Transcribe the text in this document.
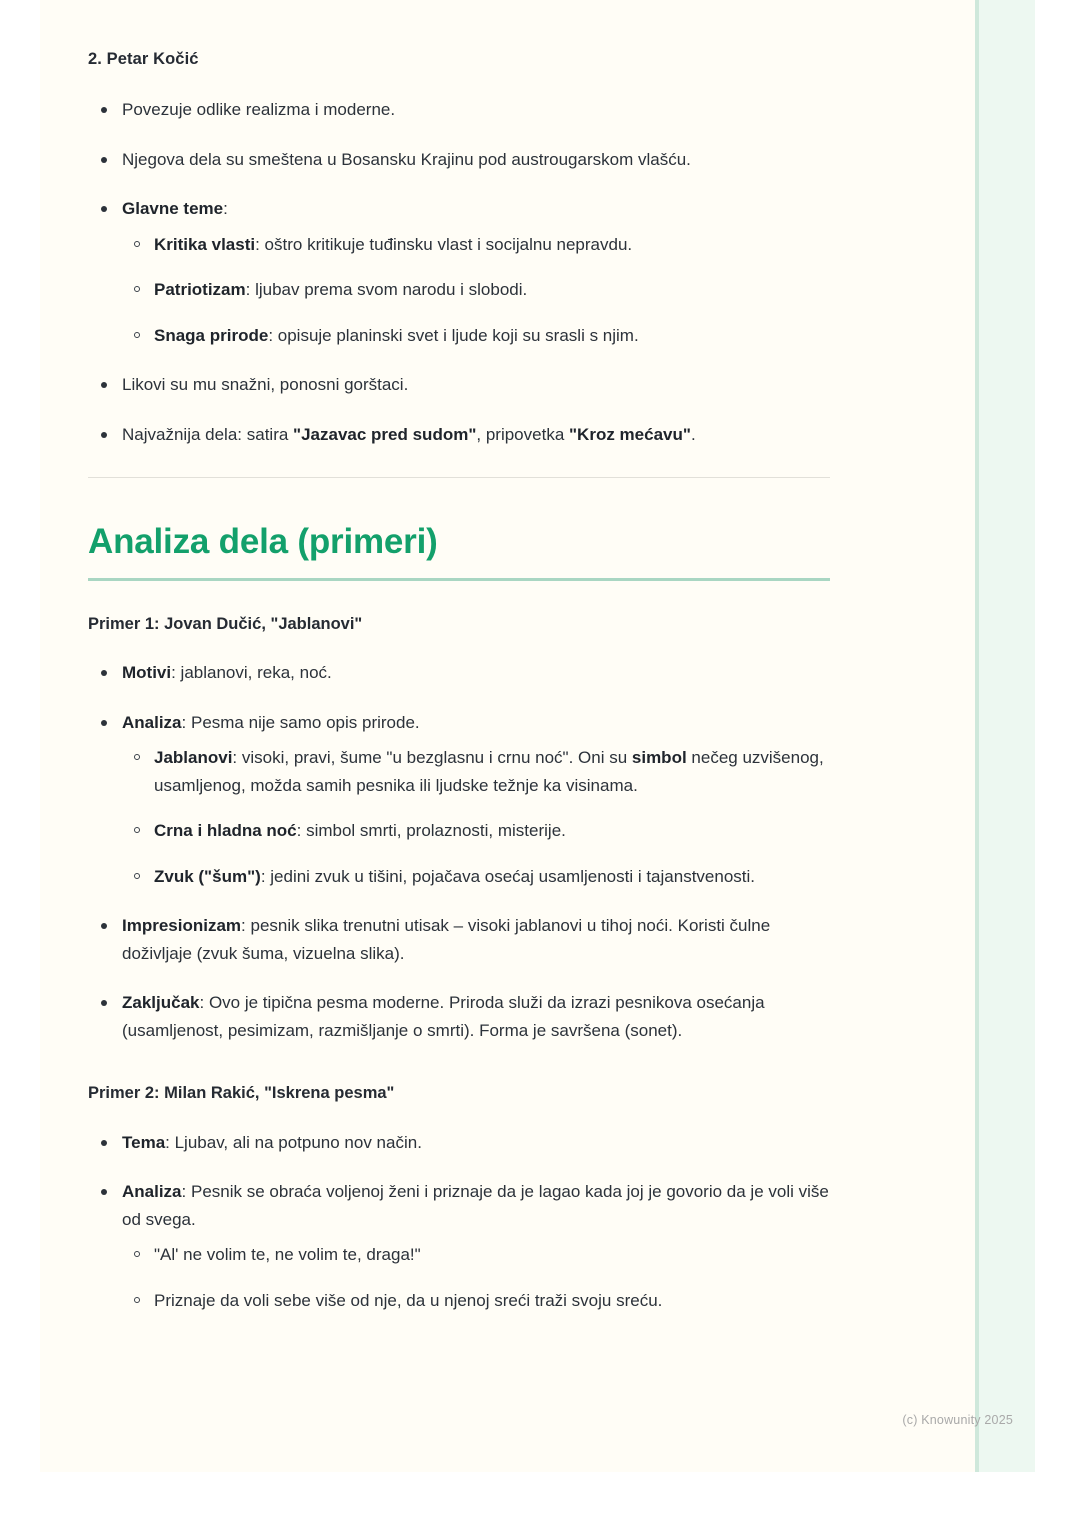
2. Petar Kočić
Povezuje odlike realizma i moderne.
Njegova dela su smeštena u Bosansku Krajinu pod austrougarskom vlašću.
Glavne teme:
Kritika vlasti: oštro kritikuje tuđinsku vlast i socijalnu nepravdu.
Patriotizam: ljubav prema svom narodu i slobodi.
Snaga prirode: opisuje planinski svet i ljude koji su srasli s njim.
Likovi su mu snažni, ponosni gorštaci.
Najvažnija dela: satira "Jazavac pred sudom", pripovetka "Kroz mećavu".
Analiza dela (primeri)
Primer 1: Jovan Dučić, "Jablanovi"
Motivi: jablanovi, reka, noć.
Analiza: Pesma nije samo opis prirode.
Jablanovi: visoki, pravi, šume "u bezglasnu i crnu noć". Oni su simbol nečeg uzvišenog, usamljenog, možda samih pesnika ili ljudske težnje ka visinama.
Crna i hladna noć: simbol smrti, prolaznosti, misterije.
Zvuk ("šum"): jedini zvuk u tišini, pojačava osećaj usamljenosti i tajanstvenosti.
Impresionizam: pesnik slika trenutni utisak – visoki jablanovi u tihoj noći. Koristi čulne doživljaje (zvuk šuma, vizuelna slika).
Zaključak: Ovo je tipična pesma moderne. Priroda služi da izrazi pesnikova osećanja (usamljenost, pesimizam, razmišljanje o smrti). Forma je savršena (sonet).
Primer 2: Milan Rakić, "Iskrena pesma"
Tema: Ljubav, ali na potpuno nov način.
Analiza: Pesnik se obraća voljenoj ženi i priznaje da je lagao kada joj je govorio da je voli više od svega.
"Al' ne volim te, ne volim te, draga!"
Priznaje da voli sebe više od nje, da u njenoj sreći traži svoju sreću.
(c) Knowunity 2025
